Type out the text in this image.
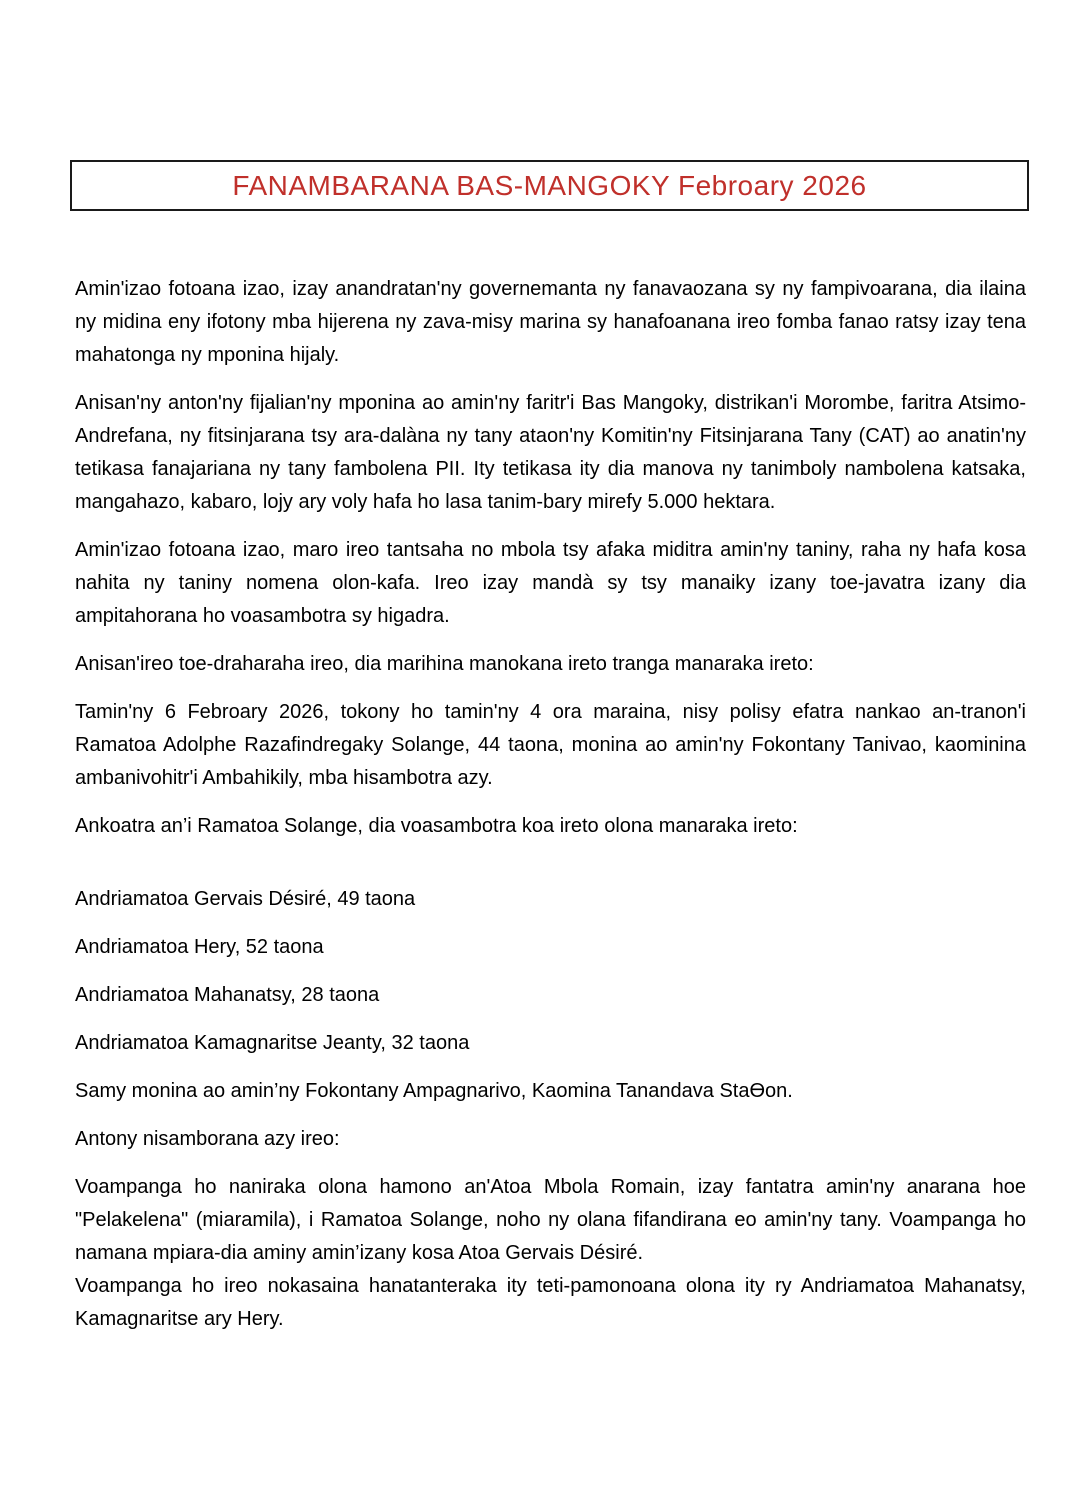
FANAMBARANA BAS-MANGOKY Febroary 2026

Amin'izao fotoana izao, izay anandratan'ny governemanta ny fanavaozana sy ny fampivoarana, dia ilaina ny midina eny ifotony mba hijerena ny zava-misy marina sy hanafoanana ireo fomba fanao ratsy izay tena mahatonga ny mponina hijaly.

Anisan'ny anton'ny fijalian'ny mponina ao amin'ny faritr'i Bas Mangoky, distrikan'i Morombe, faritra Atsimo-Andrefana, ny fitsinjarana tsy ara-dalàna ny tany ataon'ny Komitin'ny Fitsinjarana Tany (CAT) ao anatin'ny tetikasa fanajariana ny tany fambolena PII. Ity tetikasa ity dia manova ny tanimboly nambolena katsaka, mangahazo, kabaro, lojy ary voly hafa ho lasa tanim-bary mirefy 5.000 hektara.

Amin'izao fotoana izao, maro ireo tantsaha no mbola tsy afaka miditra amin'ny taniny, raha ny hafa kosa nahita ny taniny nomena olon-kafa. Ireo izay mandà sy tsy manaiky izany toe-javatra izany dia ampitahorana ho voasambotra sy higadra.

Anisan'ireo toe-draharaha ireo, dia marihina manokana ireto tranga manaraka ireto:

Tamin'ny 6 Febroary 2026, tokony ho tamin'ny 4 ora maraina, nisy polisy efatra nankao an-tranon'i Ramatoa Adolphe Razafindregaky Solange, 44 taona, monina ao amin'ny Fokontany Tanivao, kaominina ambanivohitr'i Ambahikily, mba hisambotra azy.

Ankoatra an’i Ramatoa Solange, dia voasambotra koa ireto olona manaraka ireto:

Andriamatoa Gervais Désiré, 49 taona

Andriamatoa Hery, 52 taona

Andriamatoa Mahanatsy, 28 taona

Andriamatoa Kamagnaritse Jeanty, 32 taona

Samy monina ao amin’ny Fokontany Ampagnarivo, Kaomina Tanandava StaƟon.

Antony nisamborana azy ireo:

Voampanga ho naniraka olona hamono an'Atoa Mbola Romain, izay fantatra amin'ny anarana hoe "Pelakelena" (miaramila), i Ramatoa Solange, noho ny olana fifandirana eo amin'ny tany. Voampanga ho namana mpiara-dia aminy amin’izany kosa Atoa Gervais Désiré.

Voampanga ho ireo nokasaina hanatanteraka ity teti-pamonoana olona ity ry Andriamatoa Mahanatsy, Kamagnaritse ary Hery.
